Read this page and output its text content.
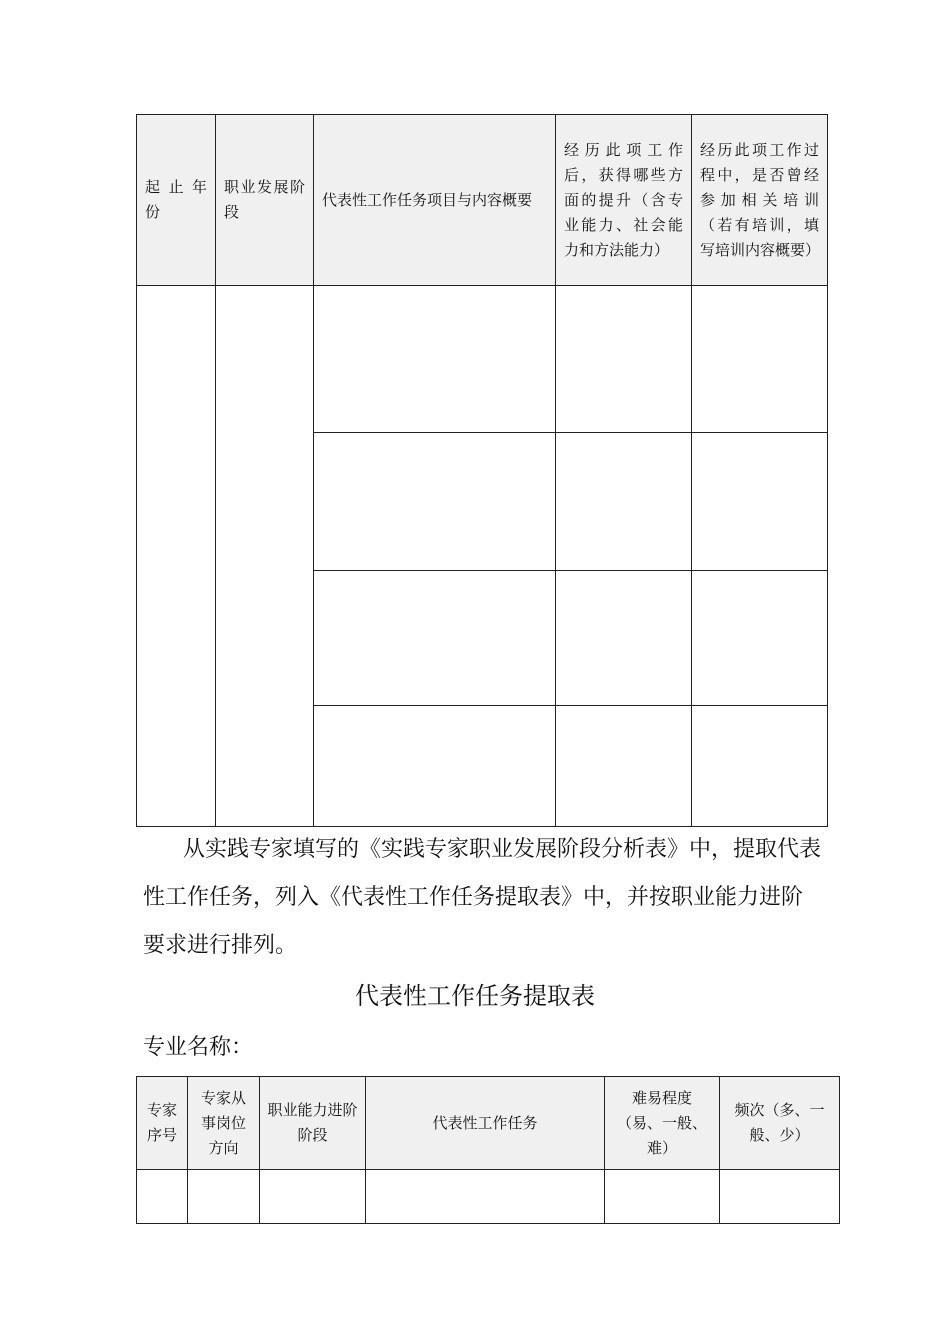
起 止 年份	职业发展阶段	代表性工作任务项目与内容概要	经 历 此 项 工 作后，获得哪些方面的提升（含专业能力、社会能力和方法能力）	经历此项工作过程中，是否曾经参加相关培训（若有培训，填写培训内容概要）

从实践专家填写的《实践专家职业发展阶段分析表》中，提取代表性工作任务，列入《代表性工作任务提取表》中，并按职业能力进阶要求进行排列。
代表性工作任务提取表
专业名称：
专家序号	专家从事岗位方向	职业能力进阶阶段	代表性工作任务	难易程度（易、一般、难）	频次（多、一般、少）
